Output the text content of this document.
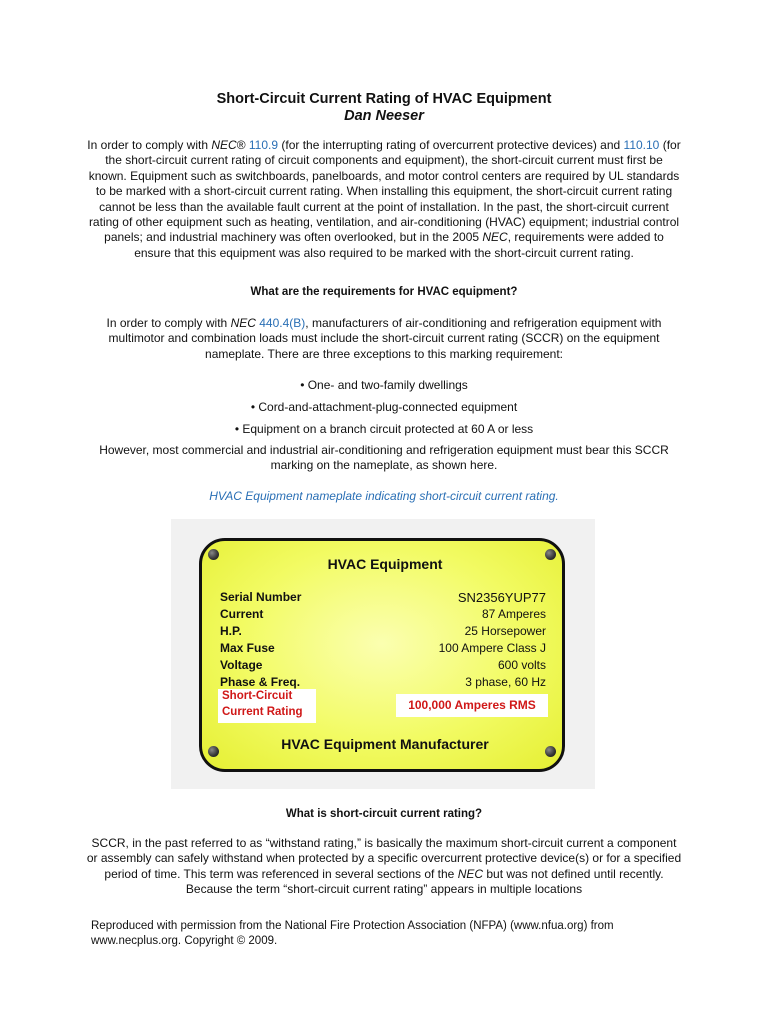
Short-Circuit Current Rating of HVAC Equipment
Dan Neeser
In order to comply with NEC® 110.9 (for the interrupting rating of overcurrent protective devices) and 110.10 (for the short-circuit current rating of circuit components and equipment), the short-circuit current must first be known. Equipment such as switchboards, panelboards, and motor control centers are required by UL standards to be marked with a short-circuit current rating. When installing this equipment, the short-circuit current rating cannot be less than the available fault current at the point of installation. In the past, the short-circuit current rating of other equipment such as heating, ventilation, and air-conditioning (HVAC) equipment; industrial control panels; and industrial machinery was often overlooked, but in the 2005 NEC, requirements were added to ensure that this equipment was also required to be marked with the short-circuit current rating.
What are the requirements for HVAC equipment?
In order to comply with NEC 440.4(B), manufacturers of air-conditioning and refrigeration equipment with multimotor and combination loads must include the short-circuit current rating (SCCR) on the equipment nameplate. There are three exceptions to this marking requirement:
• One- and two-family dwellings
• Cord-and-attachment-plug-connected equipment
• Equipment on a branch circuit protected at 60 A or less
However, most commercial and industrial air-conditioning and refrigeration equipment must bear this SCCR marking on the nameplate, as shown here.
HVAC Equipment nameplate indicating short-circuit current rating.
HVAC Equipment
Serial Number	SN2356YUP77
Current	87 Amperes
H.P.	25 Horsepower
Max Fuse	100 Ampere Class J
Voltage	600 volts
Phase & Freq.	3 phase, 60 Hz
Short-Circuit
Current Rating	100,000 Amperes RMS
HVAC Equipment Manufacturer
What is short-circuit current rating?
SCCR, in the past referred to as “withstand rating,” is basically the maximum short-circuit current a component or assembly can safely withstand when protected by a specific overcurrent protective device(s) or for a specified period of time. This term was referenced in several sections of the NEC but was not defined until recently. Because the term “short-circuit current rating” appears in multiple locations
Reproduced with permission from the National Fire Protection Association (NFPA) (www.nfua.org) from www.necplus.org. Copyright © 2009.
